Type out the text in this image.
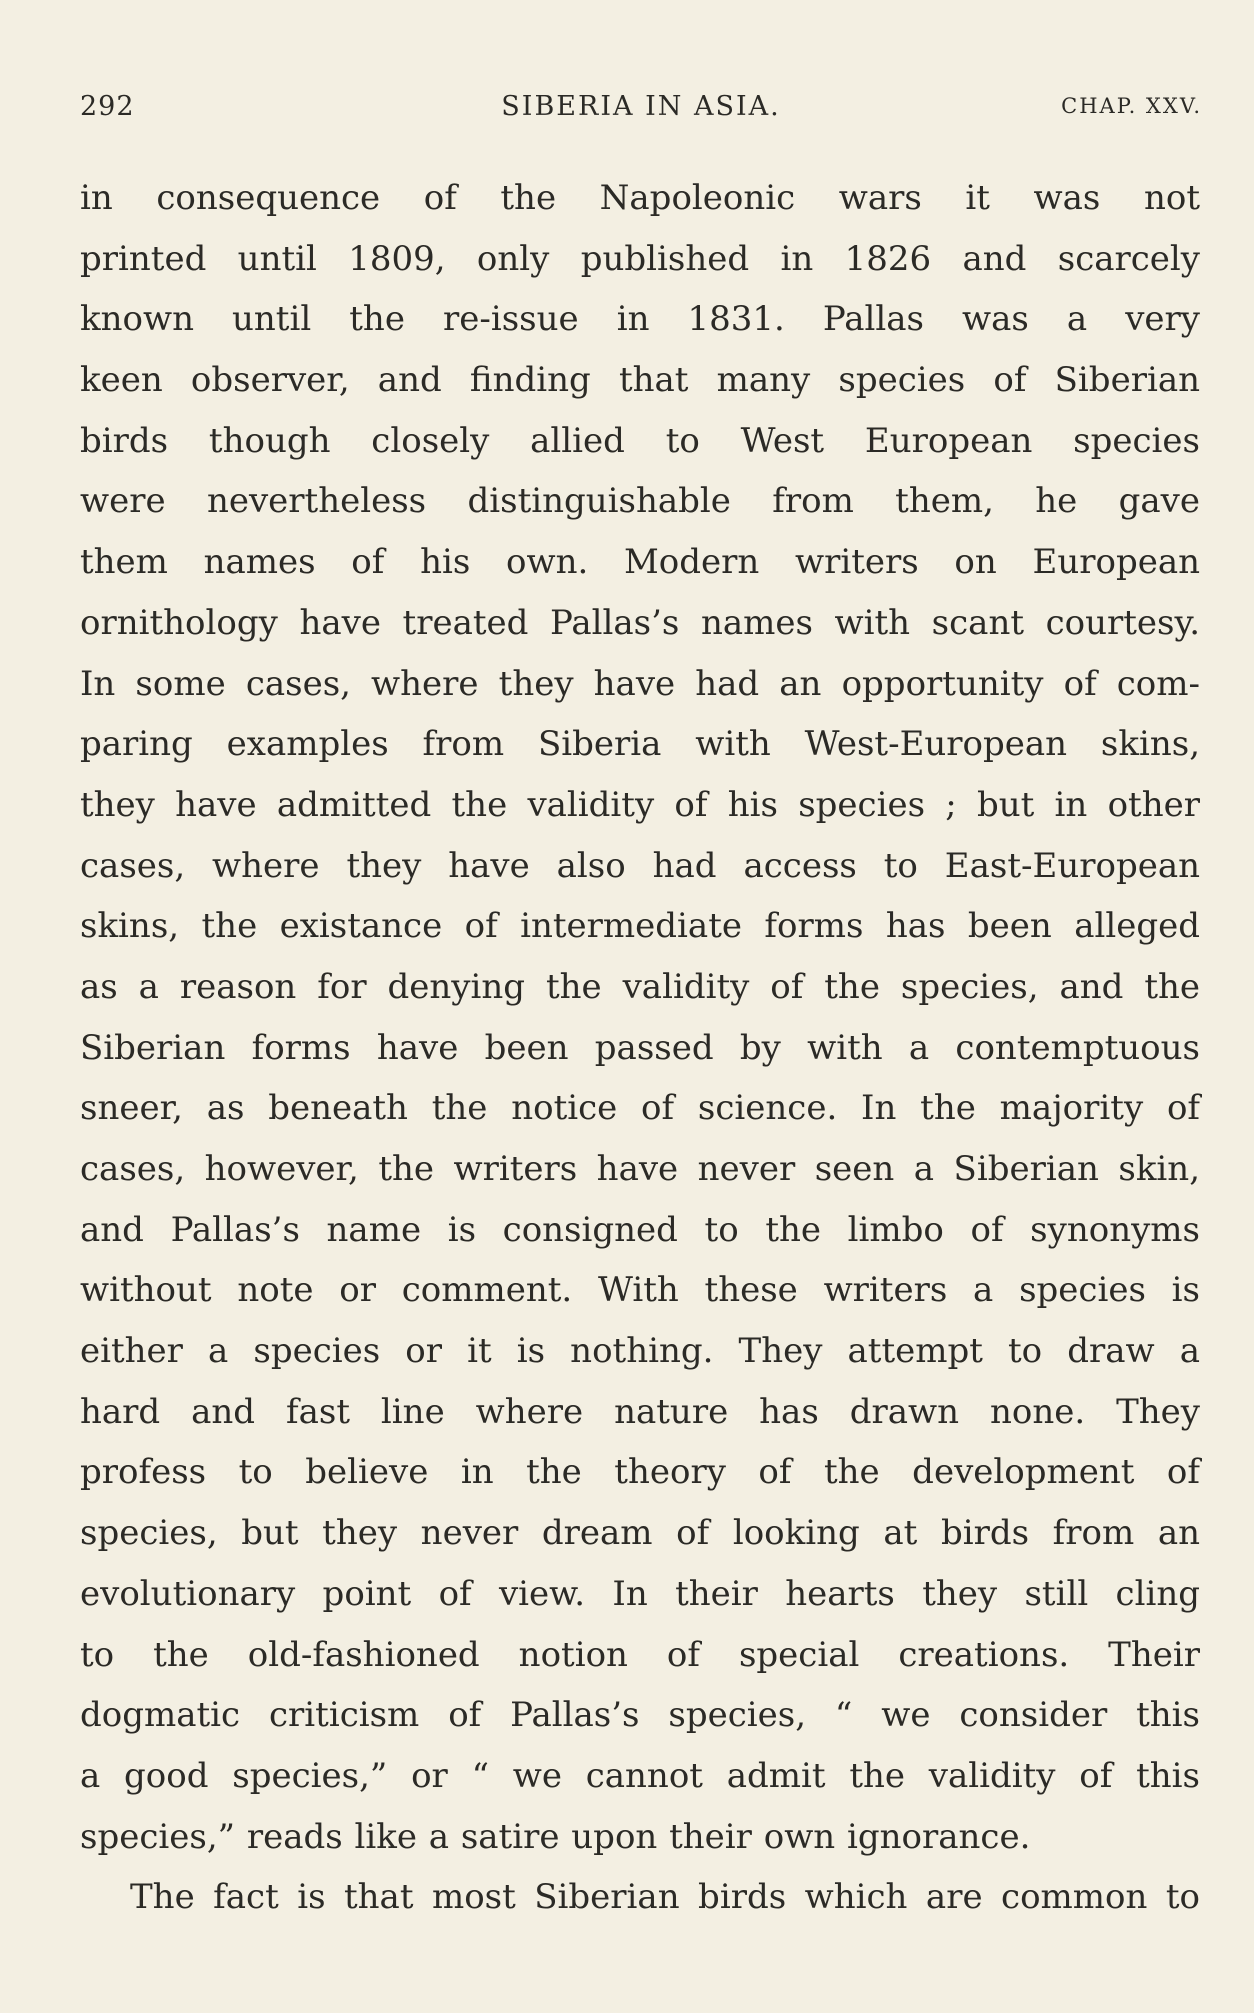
292	SIBERIA IN ASIA.	CHAP. XXV.
in consequence of the Napoleonic wars it was not
printed until 1809, only published in 1826 and scarcely
known until the re-issue in 1831. Pallas was a very
keen observer, and finding that many species of Siberian
birds though closely allied to West European species
were nevertheless distinguishable from them, he gave
them names of his own. Modern writers on European
ornithology have treated Pallas’s names with scant courtesy.
In some cases, where they have had an opportunity of com-
paring examples from Siberia with West-European skins,
they have admitted the validity of his species ; but in other
cases, where they have also had access to East-European
skins, the existance of intermediate forms has been alleged
as a reason for denying the validity of the species, and the
Siberian forms have been passed by with a contemptuous
sneer, as beneath the notice of science. In the majority of
cases, however, the writers have never seen a Siberian skin,
and Pallas’s name is consigned to the limbo of synonyms
without note or comment. With these writers a species is
either a species or it is nothing. They attempt to draw a
hard and fast line where nature has drawn none. They
profess to believe in the theory of the development of
species, but they never dream of looking at birds from an
evolutionary point of view. In their hearts they still cling
to the old-fashioned notion of special creations. Their
dogmatic criticism of Pallas’s species, “ we consider this
a good species,” or “ we cannot admit the validity of this
species,” reads like a satire upon their own ignorance.
The fact is that most Siberian birds which are common to
